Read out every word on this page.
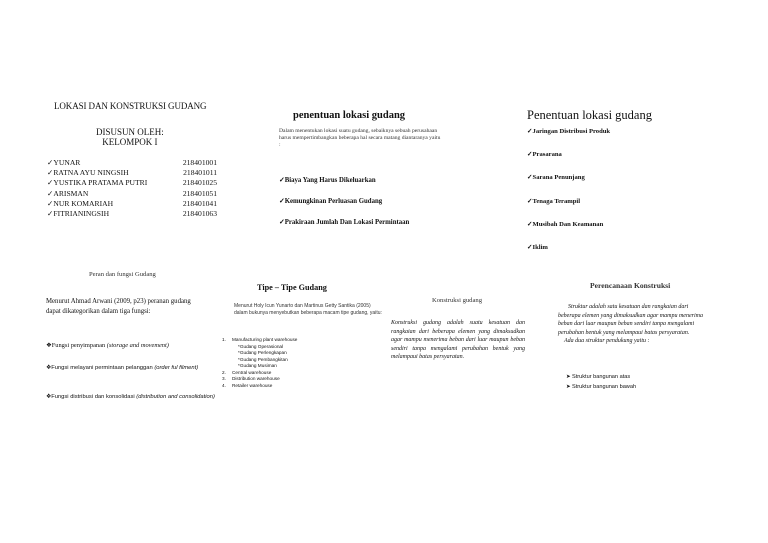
LOKASI DAN KONSTRUKSI GUDANG
DISUSUN OLEH:
KELOMPOK I
✓YUNAR	218401001
✓RATNA AYU NINGSIH	218401011
✓YUSTIKA PRATAMA PUTRI	218401025
✓ARISMAN	218401051
✓NUR KOMARIAH	218401041
✓FITRIANINGSIH	218401063
penentuan lokasi gudang
Dalam menentukan lokasi suatu gudang, sebaiknya sebuah perusahaan harus mempertimbangkan beberapa hal secara matang diantaranya yaitu :
✓Biaya Yang Harus Dikeluarkan
✓Kemungkinan Perluasan Gudang
✓Prakiraan Jumlah Dan Lokasi Permintaan
Penentuan lokasi gudang
✓Jaringan Distribusi Produk
✓Prasarana
✓Sarana Penunjang
✓Tenaga Terampil
✓Musibah Dan Keamanan
✓Iklim
Peran dan fungsi Gudang
Menurut Ahmad Arwani (2009, p23) peranan gudang dapat dikategorikan dalam tiga fungsi:
❖Fungsi penyimpanan (storage and movement)
❖Fungsi melayani permintaan pelanggan (order ful filment)
❖Fungsi distribusi dan konsolidasi (distribution and consolidation)
Tipe – Tipe Gudang
Menurut Holy Icun Yunarto dan Martinus Getty Santika (2005) dalam bukunya menyebutkan beberapa macam tipe gudang, yaitu:
1. Manufacturing plant warehouse
*Gudang Operasional
*Gudang Perlengkapan
*Gudang Pembangkitan
*Gudang Musiman
2. Central warehouse
3. Distribution warehouse
4. Retailer warehouse
Konstruksi gudang
Konstruksi gudang adalah suatu kesatuan dan rangkaian dari beberapa elemen yang dimaksudkan agar mampu menerima beban dari luar maupun beban sendiri tanpa mengalami perubahan bentuk yang melampaui batas persyaratan.
Perencanaan Konstruksi
Struktur adalah satu kesatuan dan rangkaian dari beberapa elemen yang dimaksudkan agar mampu menerima beban dari luar maupun beban sendiri tanpa mengalami perubahan bentuk yang melampaui batas persyaratan.
Ada dua struktur pendukung yaitu :
➤Struktur bangunan atas
➤Struktur bangunan bawah
